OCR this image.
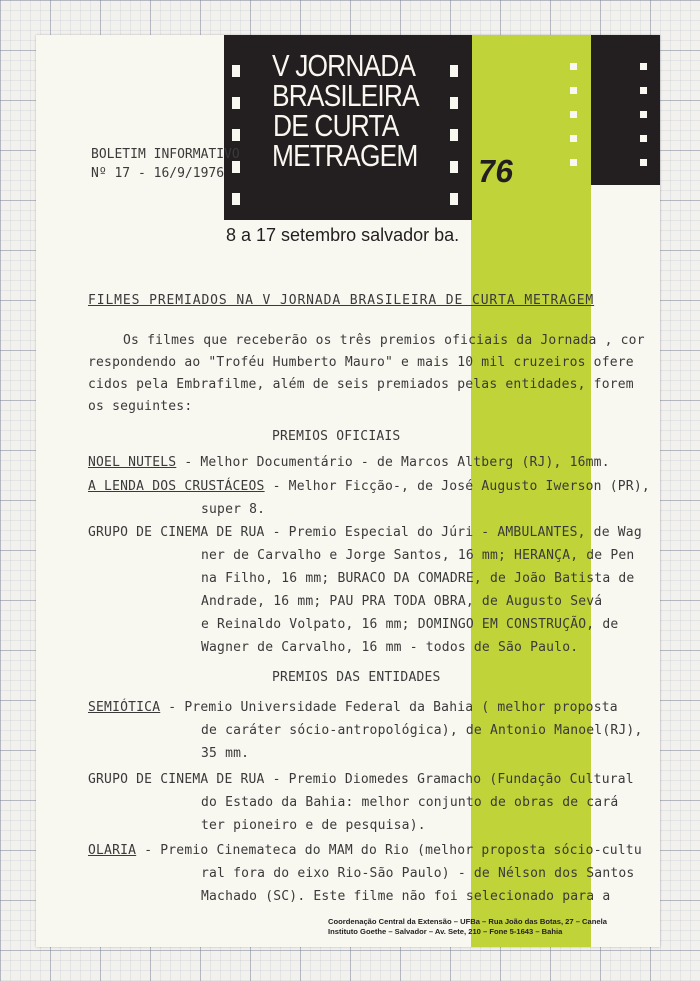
V JORNADA
BRASILEIRA
DE CURTA
METRAGEM 76
8 a 17 setembro salvador ba.
BOLETIM INFORMATIVO
Nº 17 - 16/9/1976
FILMES PREMIADOS NA V JORNADA BRASILEIRA DE CURTA METRAGEM
Os filmes que receberão os três premios oficiais da Jornada , cor
respondendo ao "Troféu Humberto Mauro" e mais 10 mil cruzeiros ofere
cidos pela Embrafilme, além de seis premiados pelas entidades, forem
os seguintes:
PREMIOS OFICIAIS
NOEL NUTELS - Melhor Documentário - de Marcos Altberg (RJ), 16mm.
A LENDA DOS CRUSTÁCEOS - Melhor Ficção-, de José Augusto Iwerson (PR),
super 8.
GRUPO DE CINEMA DE RUA - Premio Especial do Júri - AMBULANTES, de Wag
ner de Carvalho e Jorge Santos, 16 mm; HERANÇA, de Pen
na Filho, 16 mm; BURACO DA COMADRE, de João Batista de
Andrade, 16 mm; PAU PRA TODA OBRA, de Augusto Sevá
e Reinaldo Volpato, 16 mm; DOMINGO EM CONSTRUÇÃO, de
Wagner de Carvalho, 16 mm - todos de São Paulo.
PREMIOS DAS ENTIDADES
SEMIÓTICA - Premio Universidade Federal da Bahia ( melhor proposta
de caráter sócio-antropológica), de Antonio Manoel(RJ),
35 mm.
GRUPO DE CINEMA DE RUA - Premio Diomedes Gramacho (Fundação Cultural
do Estado da Bahia: melhor conjunto de obras de cará
ter pioneiro e de pesquisa).
OLARIA - Premio Cinemateca do MAM do Rio (melhor proposta sócio-cultu
ral fora do eixo Rio-São Paulo) - de Nélson dos Santos
Machado (SC). Este filme não foi selecionado para a
Coordenação Central da Extensão – UFBa – Rua João das Botas, 27 – Canela
Instituto Goethe – Salvador – Av. Sete, 210 – Fone 5-1643 – Bahia
